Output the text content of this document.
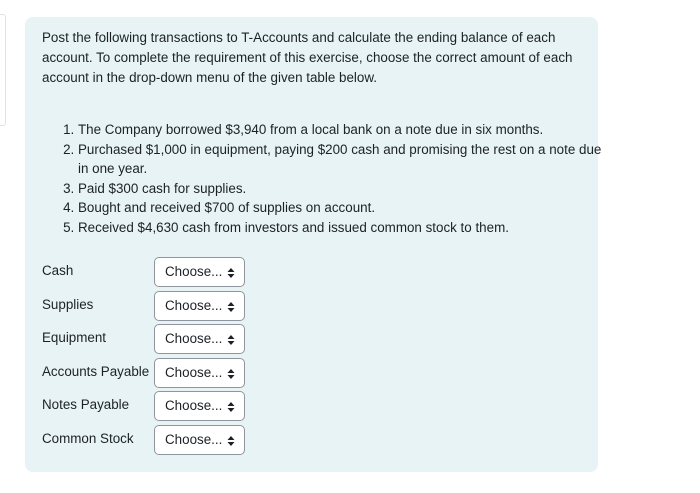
Post the following transactions to T-Accounts and calculate the ending balance of each account. To complete the requirement of this exercise, choose the correct amount of each account in the drop-down menu of the given table below.

1. The Company borrowed $3,940 from a local bank on a note due in six months.
2. Purchased $1,000 in equipment, paying $200 cash and promising the rest on a note due in one year.
3. Paid $300 cash for supplies.
4. Bought and received $700 of supplies on account.
5. Received $4,630 cash from investors and issued common stock to them.
Cash	Choose...
Supplies	Choose...
Equipment	Choose...
Accounts Payable	Choose...
Notes Payable	Choose...
Common Stock	Choose...
